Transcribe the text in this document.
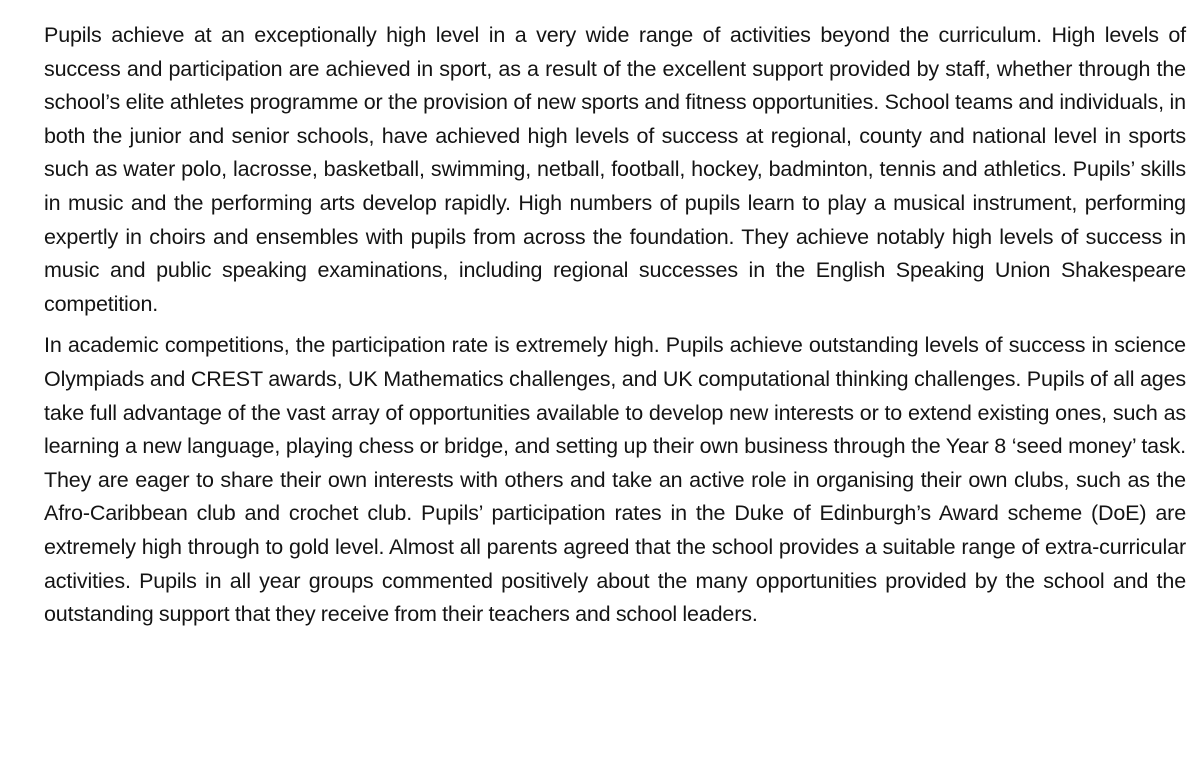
Pupils achieve at an exceptionally high level in a very wide range of activities beyond the curriculum. High levels of success and participation are achieved in sport, as a result of the excellent support provided by staff, whether through the school’s elite athletes programme or the provision of new sports and fitness opportunities. School teams and individuals, in both the junior and senior schools, have achieved high levels of success at regional, county and national level in sports such as water polo, lacrosse, basketball, swimming, netball, football, hockey, badminton, tennis and athletics. Pupils’ skills in music and the performing arts develop rapidly. High numbers of pupils learn to play a musical instrument, performing expertly in choirs and ensembles with pupils from across the foundation. They achieve notably high levels of success in music and public speaking examinations, including regional successes in the English Speaking Union Shakespeare competition.

In academic competitions, the participation rate is extremely high. Pupils achieve outstanding levels of success in science Olympiads and CREST awards, UK Mathematics challenges, and UK computational thinking challenges. Pupils of all ages take full advantage of the vast array of opportunities available to develop new interests or to extend existing ones, such as learning a new language, playing chess or bridge, and setting up their own business through the Year 8 ‘seed money’ task. They are eager to share their own interests with others and take an active role in organising their own clubs, such as the Afro-Caribbean club and crochet club. Pupils’ participation rates in the Duke of Edinburgh’s Award scheme (DoE) are extremely high through to gold level. Almost all parents agreed that the school provides a suitable range of extra-curricular activities. Pupils in all year groups commented positively about the many opportunities provided by the school and the outstanding support that they receive from their teachers and school leaders.
